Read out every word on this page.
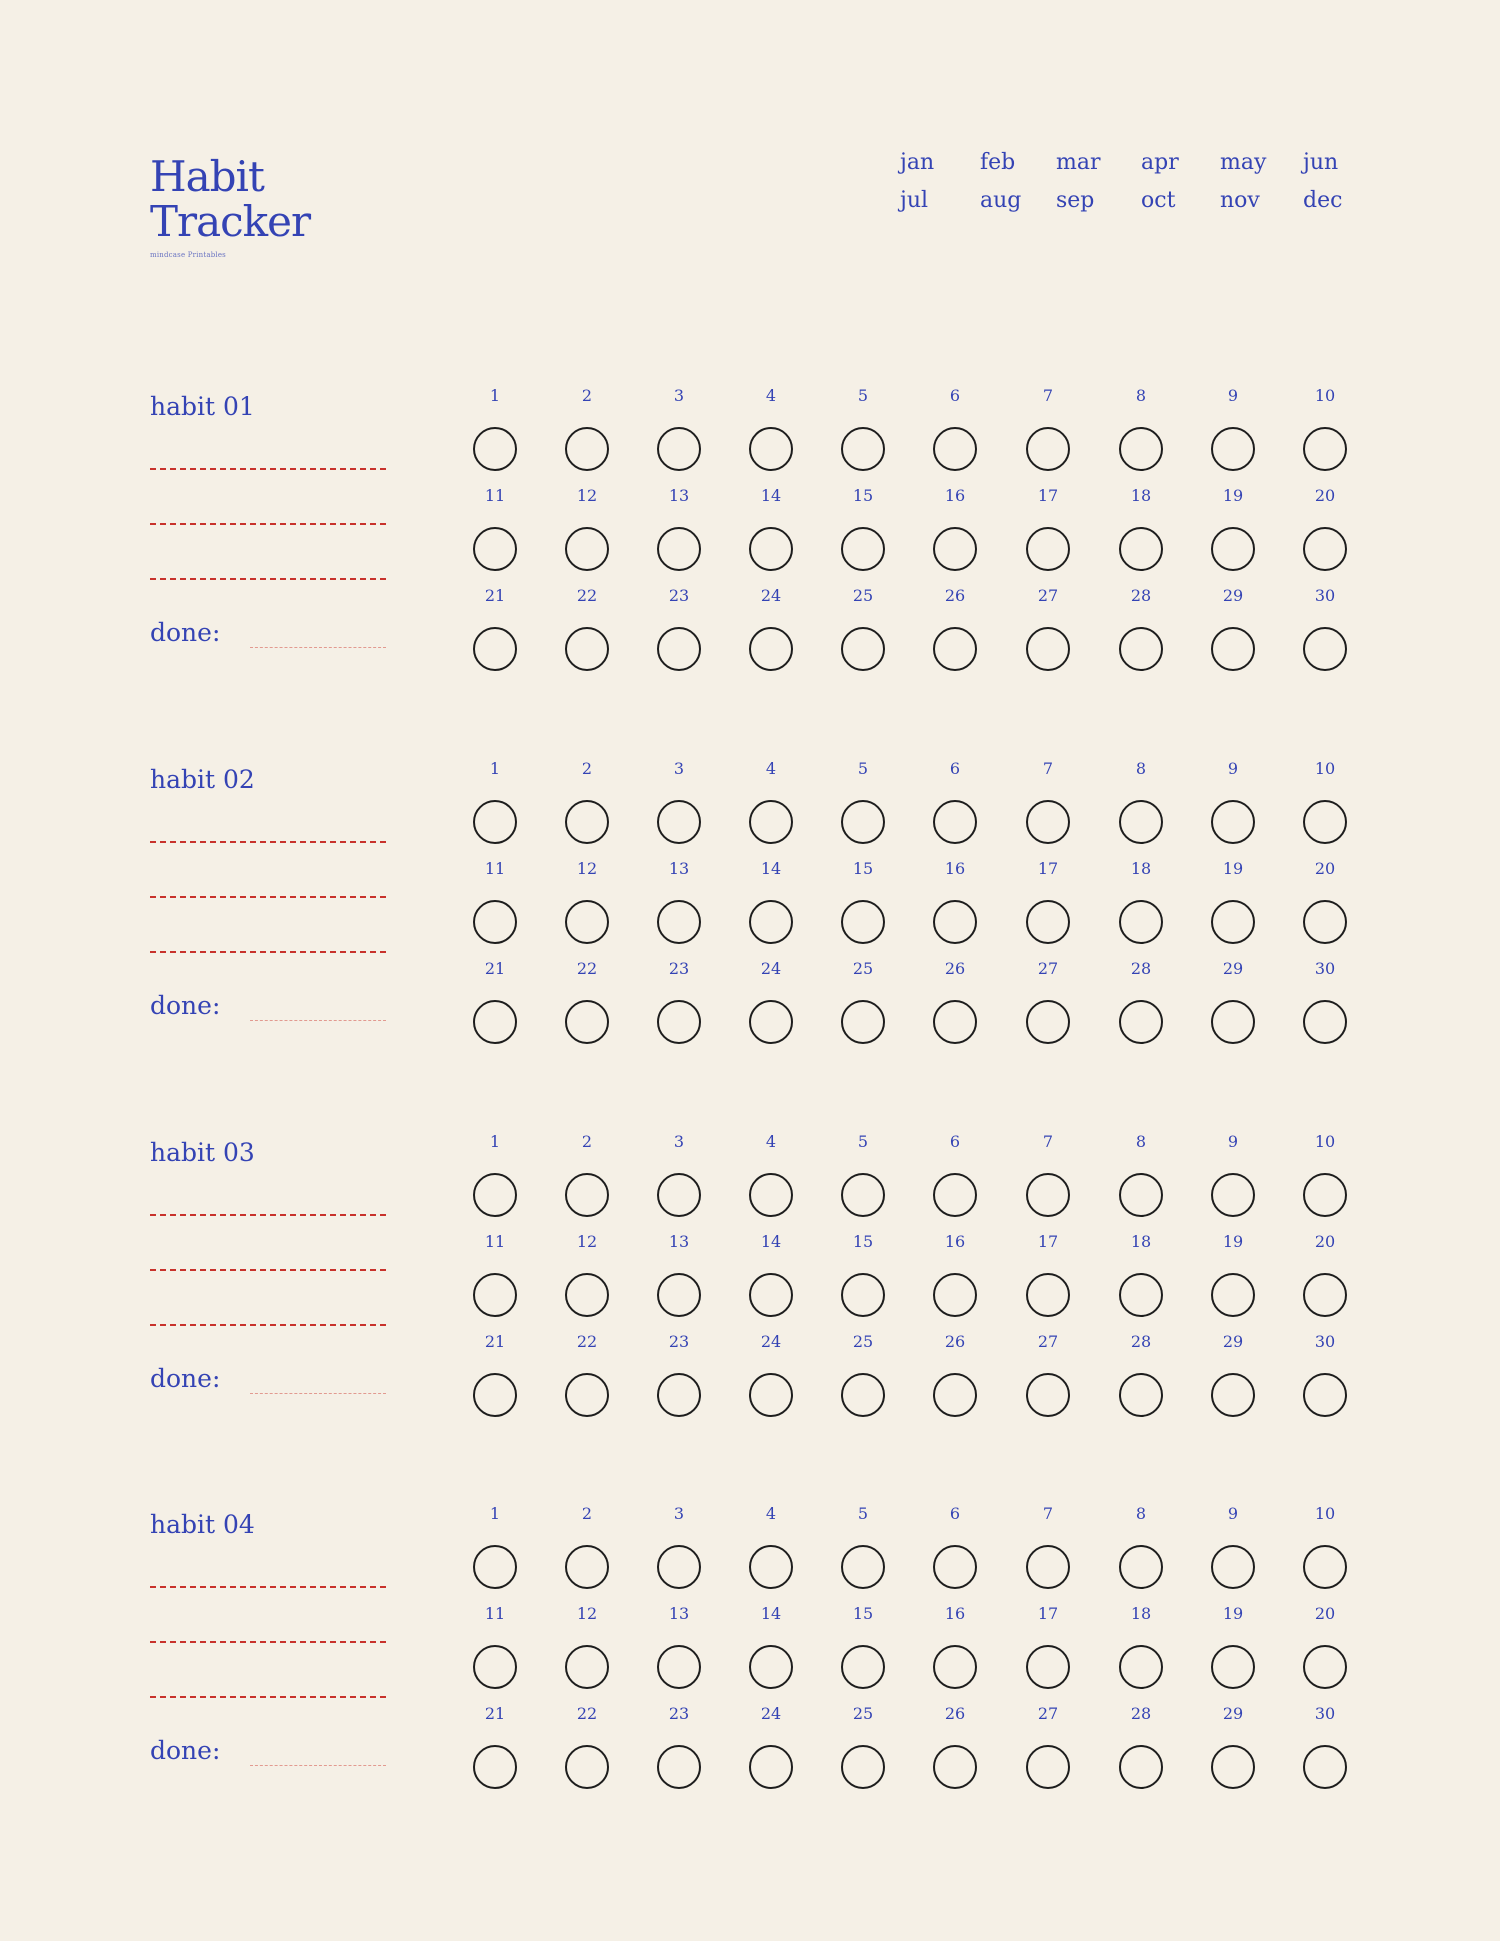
Habit
Tracker
mindcase Printables
jan feb mar apr may jun
jul aug sep oct nov dec
habit 01
done:
1	2	3	4	5	6	7	8	9	10
11	12	13	14	15	16	17	18	19	20
21	22	23	24	25	26	27	28	29	30
habit 02
done:
1	2	3	4	5	6	7	8	9	10
11	12	13	14	15	16	17	18	19	20
21	22	23	24	25	26	27	28	29	30
habit 03
done:
1	2	3	4	5	6	7	8	9	10
11	12	13	14	15	16	17	18	19	20
21	22	23	24	25	26	27	28	29	30
habit 04
done:
1	2	3	4	5	6	7	8	9	10
11	12	13	14	15	16	17	18	19	20
21	22	23	24	25	26	27	28	29	30
